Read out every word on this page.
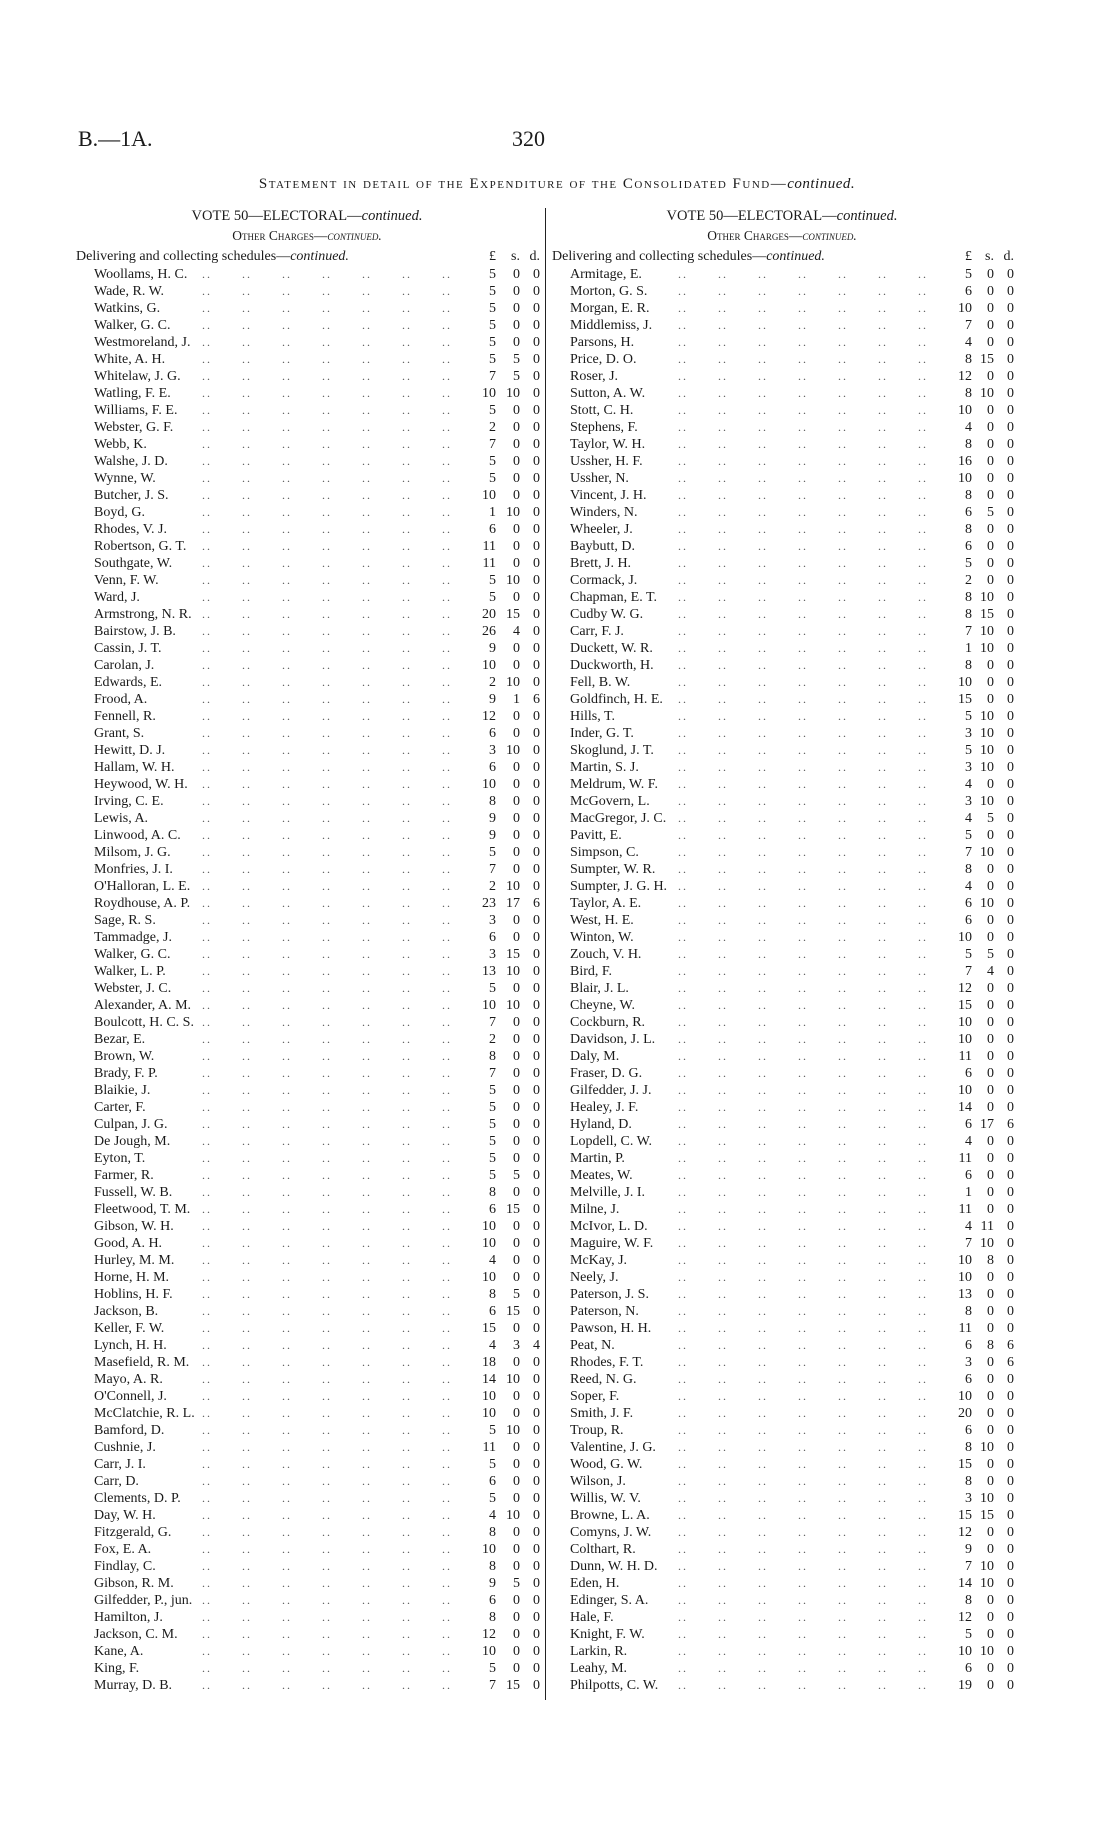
B.—1A.	320
Statement in detail of the Expenditure of the Consolidated Fund—continued.
VOTE 50—ELECTORAL—continued.
Other Charges—continued.
Delivering and collecting schedules—continued.	£	s. d.
Woollams, H. C. ..	5	0 0
Wade, R. W. ..	5	0 0
Watkins, G. ..	5	0 0
Walker, G. C. ..	5	0 0
Westmoreland, J. ..	5	0 0
White, A. H. ..	5	5 0
Whitelaw, J. G. ..	7	5 0
Watling, F. E. ..	10 10 0
Williams, F. E. ..	5	0 0
Webster, G. F. ..	2	0 0
Webb, K. ..	7	0 0
Walshe, J. D. ..	5	0 0
Wynne, W. ..	5	0 0
Butcher, J. S. ..	10	0 0
Boyd, G. ..	1 10 0
Rhodes, V. J. ..	6	0 0
Robertson, G. T. ..	11	0 0
Southgate, W. ..	11	0 0
Venn, F. W. ..	5 10 0
Ward, J. ..	5	0 0
Armstrong, N. R. ..	20 15 0
Bairstow, J. B. ..	26	4 0
Cassin, J. T. ..	9	0 0
Carolan, J. ..	10	0 0
Edwards, E. ..	2 10 0
Frood, A. ..	9	1 6
Fennell, R. ..	12	0 0
Grant, S. ..	6	0 0
Hewitt, D. J. ..	3 10 0
Hallam, W. H. ..	6	0 0
Heywood, W. H. ..	10	0 0
Irving, C. E. ..	8	0 0
Lewis, A. ..	9	0 0
Linwood, A. C. ..	9	0 0
Milsom, J. G. ..	5	0 0
Monfries, J. I. ..	7	0 0
O'Halloran, L. E. ..	2 10 0
Roydhouse, A. P. ..	23 17 6
Sage, R. S. ..	3	0 0
Tammadge, J. ..	6	0 0
Walker, G. C. ..	3 15 0
Walker, L. P. ..	13 10 0
Webster, J. C. ..	5	0 0
Alexander, A. M. ..	10 10 0
Boulcott, H. C. S. ..	7	0 0
Bezar, E. ..	2	0 0
Brown, W. ..	8	0 0
Brady, F. P. ..	7	0 0
Blaikie, J. ..	5	0 0
Carter, F. ..	5	0 0
Culpan, J. G. ..	5	0 0
De Jough, M. ..	5	0 0
Eyton, T. ..	5	0 0
Farmer, R. ..	5	5 0
Fussell, W. B. ..	8	0 0
Fleetwood, T. M. ..	6 15 0
Gibson, W. H. ..	10	0 0
Good, A. H. ..	10	0 0
Hurley, M. M. ..	4	0 0
Horne, H. M. ..	10	0 0
Hoblins, H. F. ..	8	5 0
Jackson, B. ..	6 15 0
Keller, F. W. ..	15	0 0
Lynch, H. H. ..	4	3 4
Masefield, R. M. ..	18	0 0
Mayo, A. R. ..	14 10 0
O'Connell, J. ..	10	0 0
McClatchie, R. L. ..	10	0 0
Bamford, D. ..	5 10 0
Cushnie, J. ..	11	0 0
Carr, J. I. ..	5	0 0
Carr, D. ..	6	0 0
Clements, D. P. ..	5	0 0
Day, W. H. ..	4 10 0
Fitzgerald, G. ..	8	0 0
Fox, E. A. ..	10	0 0
Findlay, C. ..	8	0 0
Gibson, R. M. ..	9	5 0
Gilfedder, P., jun. ..	6	0 0
Hamilton, J. ..	8	0 0
Jackson, C. M. ..	12	0 0
Kane, A. ..	10	0 0
King, F. ..	5	0 0
Murray, D. B. ..	7 15 0
VOTE 50—ELECTORAL—continued.
Other Charges—continued.
Delivering and collecting schedules—continued.	£ s. d.
Armitage, E. ..	5	0 0
Morton, G. S. ..	6	0 0
Morgan, E. R. ..	10	0 0
Middlemiss, J. ..	7	0 0
Parsons, H. ..	4	0 0
Price, D. O. ..	8 15 0
Roser, J. ..	12	0 0
Sutton, A. W. ..	8 10 0
Stott, C. H. ..	10	0 0
Stephens, F. ..	4	0 0
Taylor, W. H. ..	8	0 0
Ussher, H. F. ..	16	0 0
Ussher, N. ..	10	0 0
Vincent, J. H. ..	8	0 0
Winders, N. ..	6	5 0
Wheeler, J. ..	8	0 0
Baybutt, D. ..	6	0 0
Brett, J. H. ..	5	0 0
Cormack, J. ..	2	0 0
Chapman, E. T. ..	8 10 0
Cudby W. G. ..	8 15 0
Carr, F. J. ..	7 10 0
Duckett, W. R. ..	1 10 0
Duckworth, H. ..	8	0 0
Fell, B. W. ..	10	0 0
Goldfinch, H. E. ..	15	0 0
Hills, T. ..	5 10 0
Inder, G. T. ..	3 10 0
Skoglund, J. T. ..	5 10 0
Martin, S. J. ..	3 10 0
Meldrum, W. F. ..	4	0 0
McGovern, L. ..	3 10 0
MacGregor, J. C. ..	4	5 0
Pavitt, E. ..	5	0 0
Simpson, C. ..	7 10 0
Sumpter, W. R. ..	8	0 0
Sumpter, J. G. H. ..	4	0 0
Taylor, A. E. ..	6 10 0
West, H. E. ..	6	0 0
Winton, W. ..	10	0 0
Zouch, V. H. ..	5	5 0
Bird, F. ..	7	4 0
Blair, J. L. ..	12	0 0
Cheyne, W. ..	15	0 0
Cockburn, R. ..	10	0 0
Davidson, J. L. ..	10	0 0
Daly, M. ..	11	0 0
Fraser, D. G. ..	6	0 0
Gilfedder, J. J. ..	10	0 0
Healey, J. F. ..	14	0 0
Hyland, D. ..	6 17 6
Lopdell, C. W. ..	4	0 0
Martin, P. ..	11	0 0
Meates, W. ..	6	0 0
Melville, J. I. ..	1	0 0
Milne, J. ..	11	0 0
McIvor, L. D. ..	4 11 0
Maguire, W. F. ..	7 10 0
McKay, J. ..	10	8 0
Neely, J. ..	10	0 0
Paterson, J. S. ..	13	0 0
Paterson, N. ..	8	0 0
Pawson, H. H. ..	11	0 0
Peat, N. ..	6	8 6
Rhodes, F. T. ..	3	0 6
Reed, N. G. ..	6	0 0
Soper, F. ..	10	0 0
Smith, J. F. ..	20	0 0
Troup, R. ..	6	0 0
Valentine, J. G. ..	8 10 0
Wood, G. W. ..	15	0 0
Wilson, J. ..	8	0 0
Willis, W. V. ..	3 10 0
Browne, L. A. ..	15 15 0
Comyns, J. W. ..	12	0 0
Colthart, R. ..	9	0 0
Dunn, W. H. D. ..	7 10 0
Eden, H. ..	14 10 0
Edinger, S. A. ..	8	0 0
Hale, F. ..	12	0 0
Knight, F. W. ..	5	0 0
Larkin, R. ..	10 10 0
Leahy, M. ..	6	0 0
Philpotts, C. W. ..	19	0 0
